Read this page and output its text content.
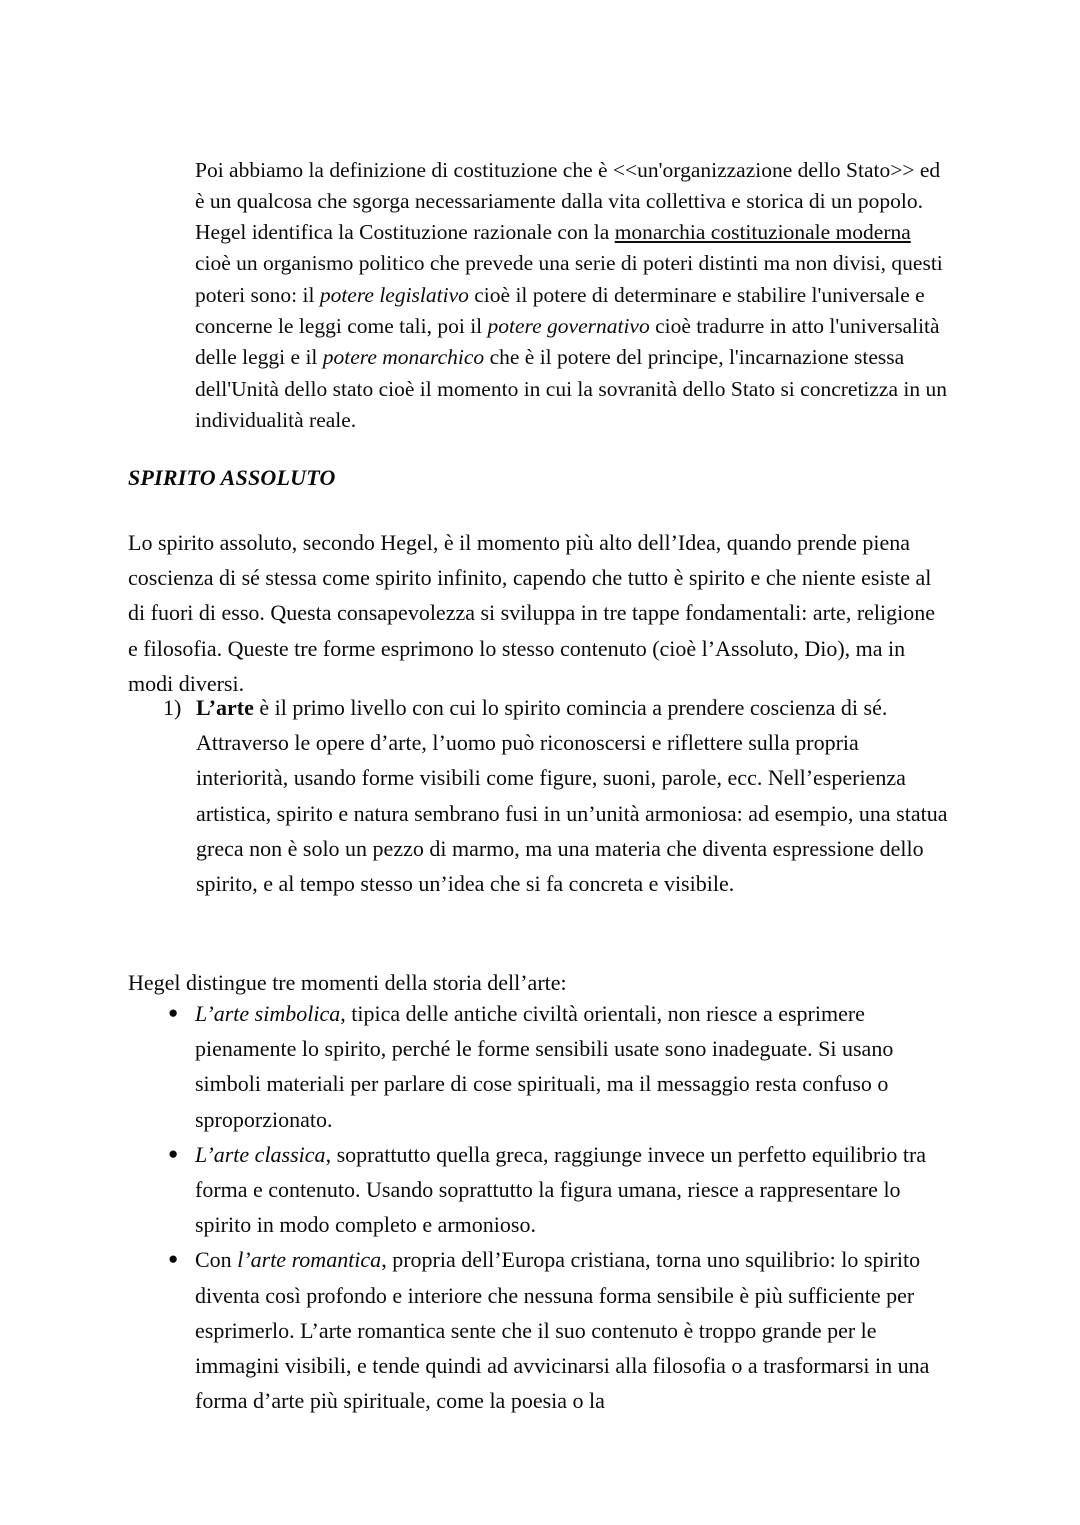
Poi abbiamo la definizione di costituzione che è <<un'organizzazione dello Stato>> ed è un qualcosa che sgorga necessariamente dalla vita collettiva e storica di un popolo. Hegel identifica la Costituzione razionale con la monarchia costituzionale moderna cioè un organismo politico che prevede una serie di poteri distinti ma non divisi, questi poteri sono: il potere legislativo cioè il potere di determinare e stabilire l'universale e concerne le leggi come tali, poi il potere governativo cioè tradurre in atto l'universalità delle leggi e il potere monarchico che è il potere del principe, l'incarnazione stessa dell'Unità dello stato cioè il momento in cui la sovranità dello Stato si concretizza in un individualità reale.

SPIRITO ASSOLUTO

Lo spirito assoluto, secondo Hegel, è il momento più alto dell’Idea, quando prende piena coscienza di sé stessa come spirito infinito, capendo che tutto è spirito e che niente esiste al di fuori di esso. Questa consapevolezza si sviluppa in tre tappe fondamentali: arte, religione e filosofia. Queste tre forme esprimono lo stesso contenuto (cioè l’Assoluto, Dio), ma in modi diversi.

1) L’arte è il primo livello con cui lo spirito comincia a prendere coscienza di sé. Attraverso le opere d’arte, l’uomo può riconoscersi e riflettere sulla propria interiorità, usando forme visibili come figure, suoni, parole, ecc. Nell’esperienza artistica, spirito e natura sembrano fusi in un’unità armoniosa: ad esempio, una statua greca non è solo un pezzo di marmo, ma una materia che diventa espressione dello spirito, e al tempo stesso un’idea che si fa concreta e visibile.

Hegel distingue tre momenti della storia dell’arte:

● L’arte simbolica, tipica delle antiche civiltà orientali, non riesce a esprimere pienamente lo spirito, perché le forme sensibili usate sono inadeguate. Si usano simboli materiali per parlare di cose spirituali, ma il messaggio resta confuso o sproporzionato.
● L’arte classica, soprattutto quella greca, raggiunge invece un perfetto equilibrio tra forma e contenuto. Usando soprattutto la figura umana, riesce a rappresentare lo spirito in modo completo e armonioso.
● Con l’arte romantica, propria dell’Europa cristiana, torna uno squilibrio: lo spirito diventa così profondo e interiore che nessuna forma sensibile è più sufficiente per esprimerlo. L’arte romantica sente che il suo contenuto è troppo grande per le immagini visibili, e tende quindi ad avvicinarsi alla filosofia o a trasformarsi in una forma d’arte più spirituale, come la poesia o la
